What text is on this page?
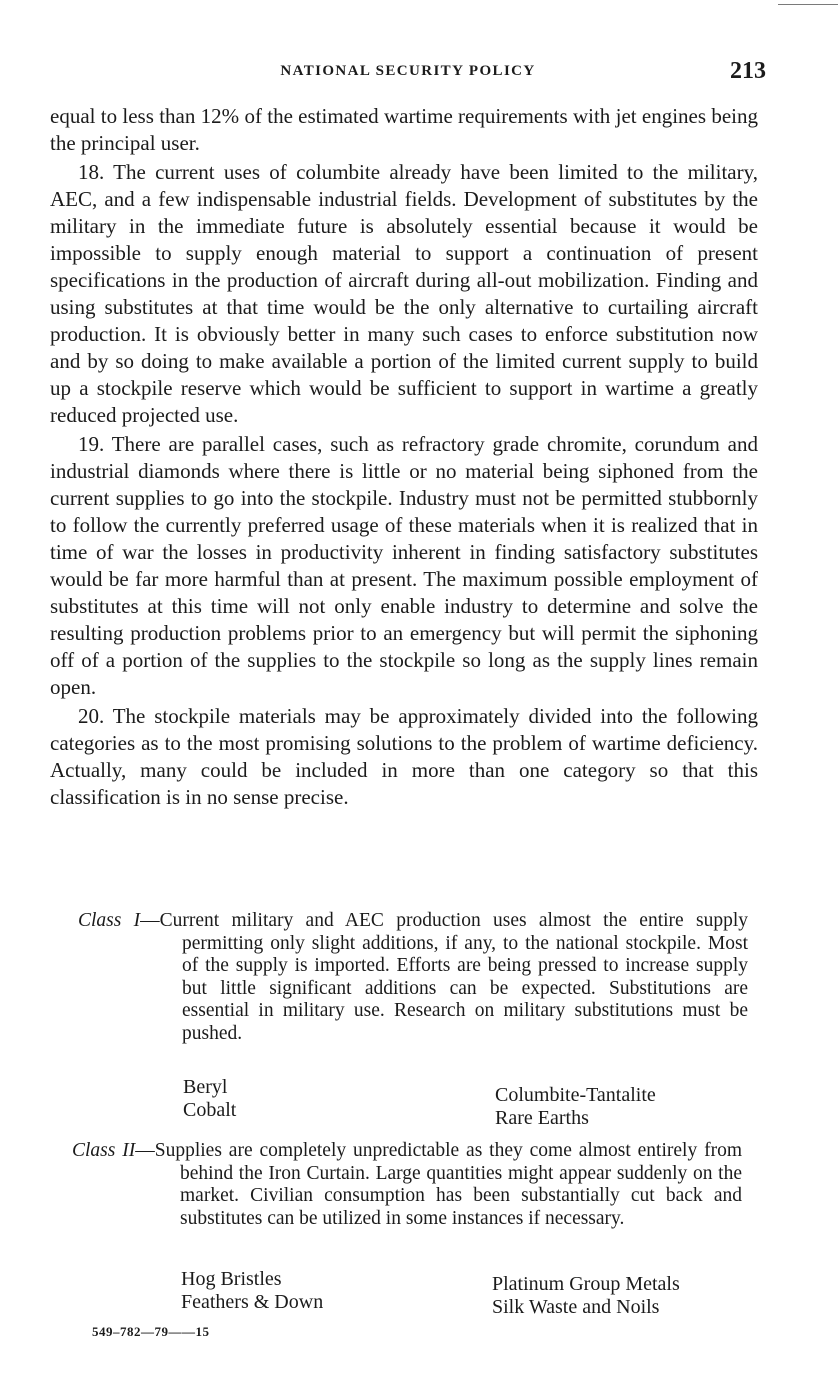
NATIONAL SECURITY POLICY	213

equal to less than 12% of the estimated wartime requirements with jet engines being the principal user.

18. The current uses of columbite already have been limited to the military, AEC, and a few indispensable industrial fields. Development of substitutes by the military in the immediate future is absolutely essential because it would be impossible to supply enough material to support a continuation of present specifications in the production of aircraft during all-out mobilization. Finding and using substitutes at that time would be the only alternative to curtailing aircraft production. It is obviously better in many such cases to enforce substitution now and by so doing to make available a portion of the limited current supply to build up a stockpile reserve which would be sufficient to support in wartime a greatly reduced projected use.

19. There are parallel cases, such as refractory grade chromite, corundum and industrial diamonds where there is little or no material being siphoned from the current supplies to go into the stockpile. Industry must not be permitted stubbornly to follow the currently preferred usage of these materials when it is realized that in time of war the losses in productivity inherent in finding satisfactory substitutes would be far more harmful than at present. The maximum possible employment of substitutes at this time will not only enable industry to determine and solve the resulting production problems prior to an emergency but will permit the siphoning off of a portion of the supplies to the stockpile so long as the supply lines remain open.

20. The stockpile materials may be approximately divided into the following categories as to the most promising solutions to the problem of wartime deficiency. Actually, many could be included in more than one category so that this classification is in no sense precise.

Class I—Current military and AEC production uses almost the entire supply permitting only slight additions, if any, to the national stockpile. Most of the supply is imported. Efforts are being pressed to increase supply but little significant additions can be expected. Substitutions are essential in military use. Research on military substitutions must be pushed.
Beryl
Cobalt
Columbite-Tantalite
Rare Earths
Class II—Supplies are completely unpredictable as they come almost entirely from behind the Iron Curtain. Large quantities might appear suddenly on the market. Civilian consumption has been substantially cut back and substitutes can be utilized in some instances if necessary.
Hog Bristles
Feathers & Down
Platinum Group Metals
Silk Waste and Noils
549–782—79——15
